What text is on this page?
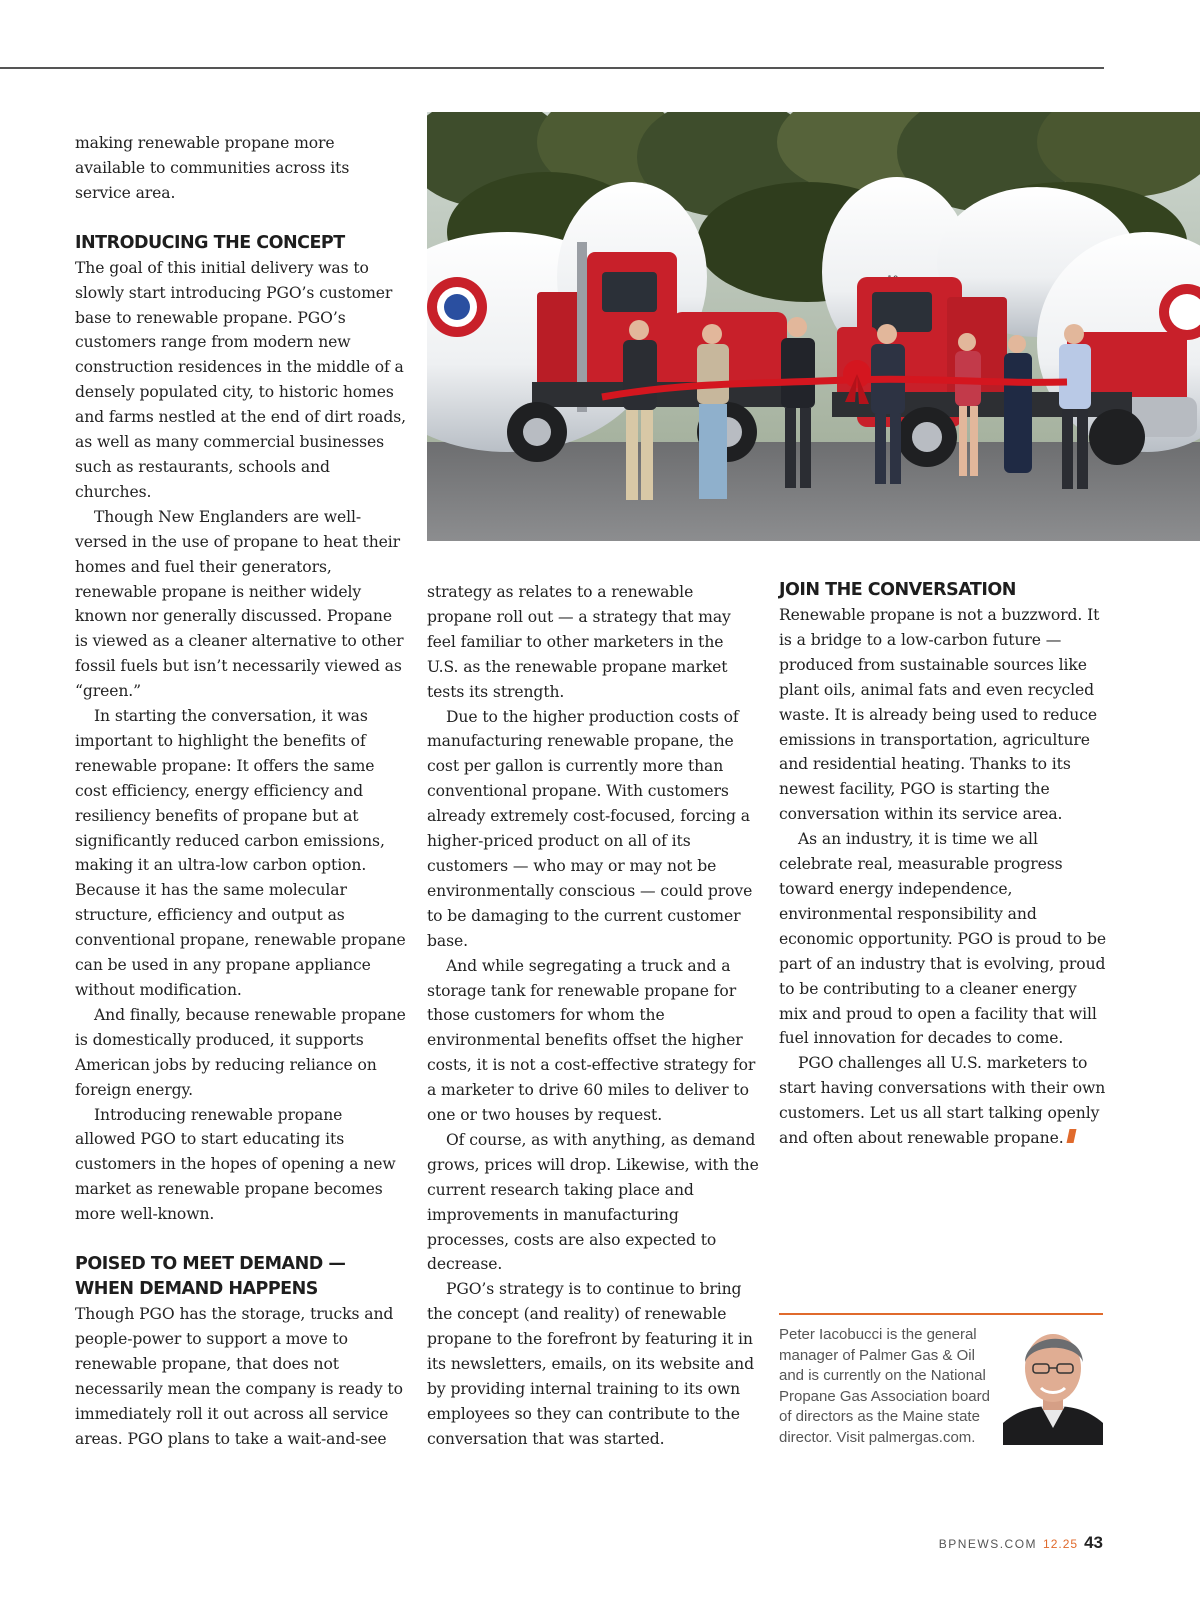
making renewable propane more available to communities across its service area.

INTRODUCING THE CONCEPT

The goal of this initial delivery was to slowly start introducing PGO’s customer base to renewable propane. PGO’s customers range from modern new construction residences in the middle of a densely populated city, to historic homes and farms nestled at the end of dirt roads, as well as many commercial businesses such as restaurants, schools and churches.

Though New Englanders are well-versed in the use of propane to heat their homes and fuel their generators, renewable propane is neither widely known nor generally discussed. Propane is viewed as a cleaner alternative to other fossil fuels but isn’t necessarily viewed as “green.”

In starting the conversation, it was important to highlight the benefits of renewable propane: It offers the same cost efficiency, energy efficiency and resiliency benefits of propane but at significantly reduced carbon emissions, making it an ultra-low carbon option. Because it has the same molecular structure, efficiency and output as conventional propane, renewable propane can be used in any propane appliance without modification.

And finally, because renewable propane is domestically produced, it supports American jobs by reducing reliance on foreign energy.

Introducing renewable propane allowed PGO to start educating its customers in the hopes of opening a new market as renewable propane becomes more well-known.

POISED TO MEET DEMAND — WHEN DEMAND HAPPENS

Though PGO has the storage, trucks and people-power to support a move to renewable propane, that does not necessarily mean the company is ready to immediately roll it out across all service areas. PGO plans to take a wait-and-see

strategy as relates to a renewable propane roll out — a strategy that may feel familiar to other marketers in the U.S. as the renewable propane market tests its strength.

Due to the higher production costs of manufacturing renewable propane, the cost per gallon is currently more than conventional propane. With customers already extremely cost-focused, forcing a higher-priced product on all of its customers — who may or may not be environmentally conscious — could prove to be damaging to the current customer base.

And while segregating a truck and a storage tank for renewable propane for those customers for whom the environmental benefits offset the higher costs, it is not a cost-effective strategy for a marketer to drive 60 miles to deliver to one or two houses by request.

Of course, as with anything, as demand grows, prices will drop. Likewise, with the current research taking place and improvements in manufacturing processes, costs are also expected to decrease.

PGO’s strategy is to continue to bring the concept (and reality) of renewable propane to the forefront by featuring it in its newsletters, emails, on its website and by providing internal training to its own employees so they can contribute to the conversation that was started.

JOIN THE CONVERSATION

Renewable propane is not a buzzword. It is a bridge to a low-carbon future — produced from sustainable sources like plant oils, animal fats and even recycled waste. It is already being used to reduce emissions in transportation, agriculture and residential heating. Thanks to its newest facility, PGO is starting the conversation within its service area.

As an industry, it is time we all celebrate real, measurable progress toward energy independence, environmental responsibility and economic opportunity. PGO is proud to be part of an industry that is evolving, proud to be contributing to a cleaner energy mix and proud to open a facility that will fuel innovation for decades to come.

PGO challenges all U.S. marketers to start having conversations with their own customers. Let us all start talking openly and often about renewable propane.

Peter Iacobucci is the general manager of Palmer Gas & Oil and is currently on the National Propane Gas Association board of directors as the Maine state director. Visit palmergas.com.
BPNEWS.COM 12.25 43
